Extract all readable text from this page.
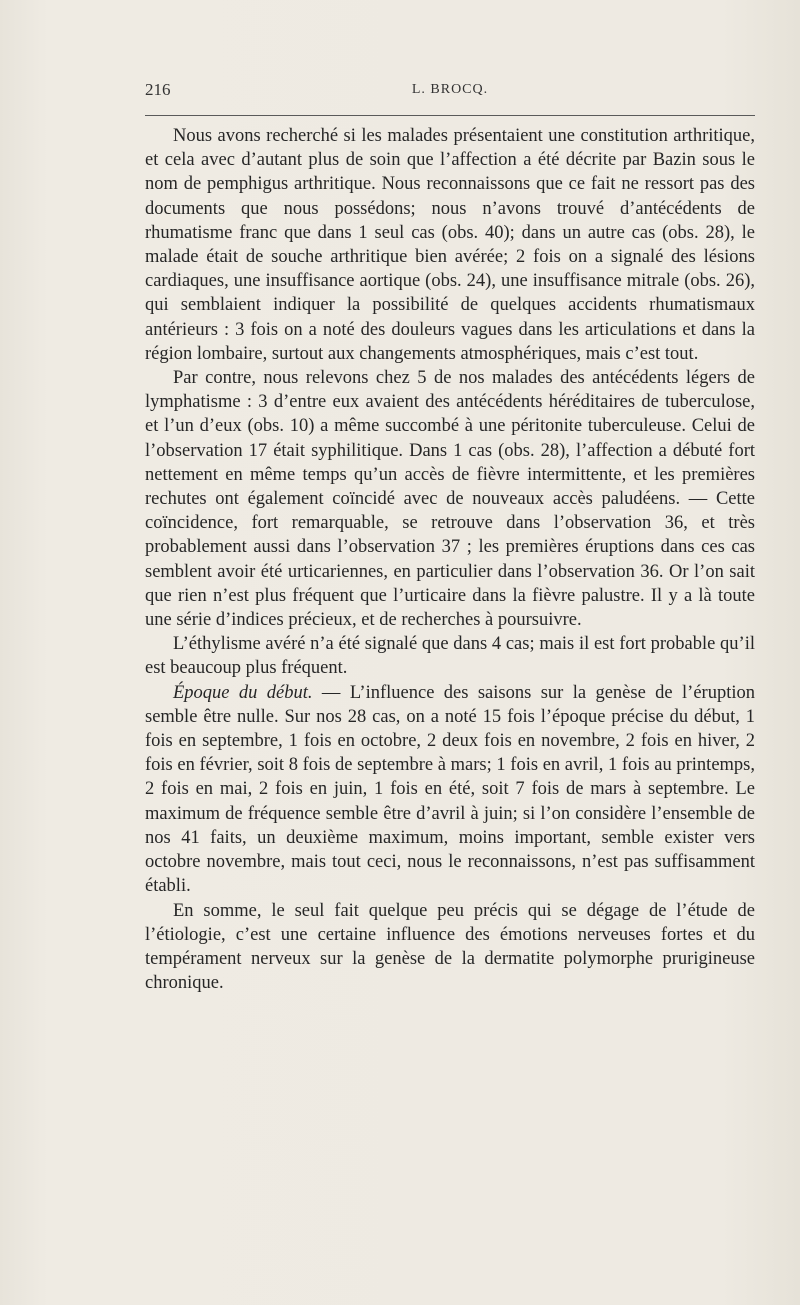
216	L. BROCQ.

Nous avons recherché si les malades présentaient une constitution arthritique, et cela avec d’autant plus de soin que l’affection a été décrite par Bazin sous le nom de pemphigus arthritique. Nous reconnaissons que ce fait ne ressort pas des documents que nous possédons; nous n’avons trouvé d’antécédents de rhumatisme franc que dans 1 seul cas (obs. 40); dans un autre cas (obs. 28), le malade était de souche arthritique bien avérée; 2 fois on a signalé des lésions cardiaques, une insuffisance aortique (obs. 24), une insuffisance mitrale (obs. 26), qui semblaient indiquer la possibilité de quelques accidents rhumatismaux antérieurs : 3 fois on a noté des douleurs vagues dans les articulations et dans la région lombaire, surtout aux changements atmosphériques, mais c’est tout.

Par contre, nous relevons chez 5 de nos malades des antécédents légers de lymphatisme : 3 d’entre eux avaient des antécédents héréditaires de tuberculose, et l’un d’eux (obs. 10) a même succombé à une péritonite tuberculeuse. Celui de l’observation 17 était syphilitique. Dans 1 cas (obs. 28), l’affection a débuté fort nettement en même temps qu’un accès de fièvre intermittente, et les premières rechutes ont également coïncidé avec de nouveaux accès paludéens. — Cette coïncidence, fort remarquable, se retrouve dans l’observation 36, et très probablement aussi dans l’observation 37 ; les premières éruptions dans ces cas semblent avoir été urticariennes, en particulier dans l’observation 36. Or l’on sait que rien n’est plus fréquent que l’urticaire dans la fièvre palustre. Il y a là toute une série d’indices précieux, et de recherches à poursuivre.

L’éthylisme avéré n’a été signalé que dans 4 cas; mais il est fort probable qu’il est beaucoup plus fréquent.

Époque du début. — L’influence des saisons sur la genèse de l’éruption semble être nulle. Sur nos 28 cas, on a noté 15 fois l’époque précise du début, 1 fois en septembre, 1 fois en octobre, 2 deux fois en novembre, 2 fois en hiver, 2 fois en février, soit 8 fois de septembre à mars; 1 fois en avril, 1 fois au printemps, 2 fois en mai, 2 fois en juin, 1 fois en été, soit 7 fois de mars à septembre. Le maximum de fréquence semble être d’avril à juin; si l’on considère l’ensemble de nos 41 faits, un deuxième maximum, moins important, semble exister vers octobre novembre, mais tout ceci, nous le reconnaissons, n’est pas suffisamment établi.

En somme, le seul fait quelque peu précis qui se dégage de l’étude de l’étiologie, c’est une certaine influence des émotions nerveuses fortes et du tempérament nerveux sur la genèse de la dermatite polymorphe prurigineuse chronique.
